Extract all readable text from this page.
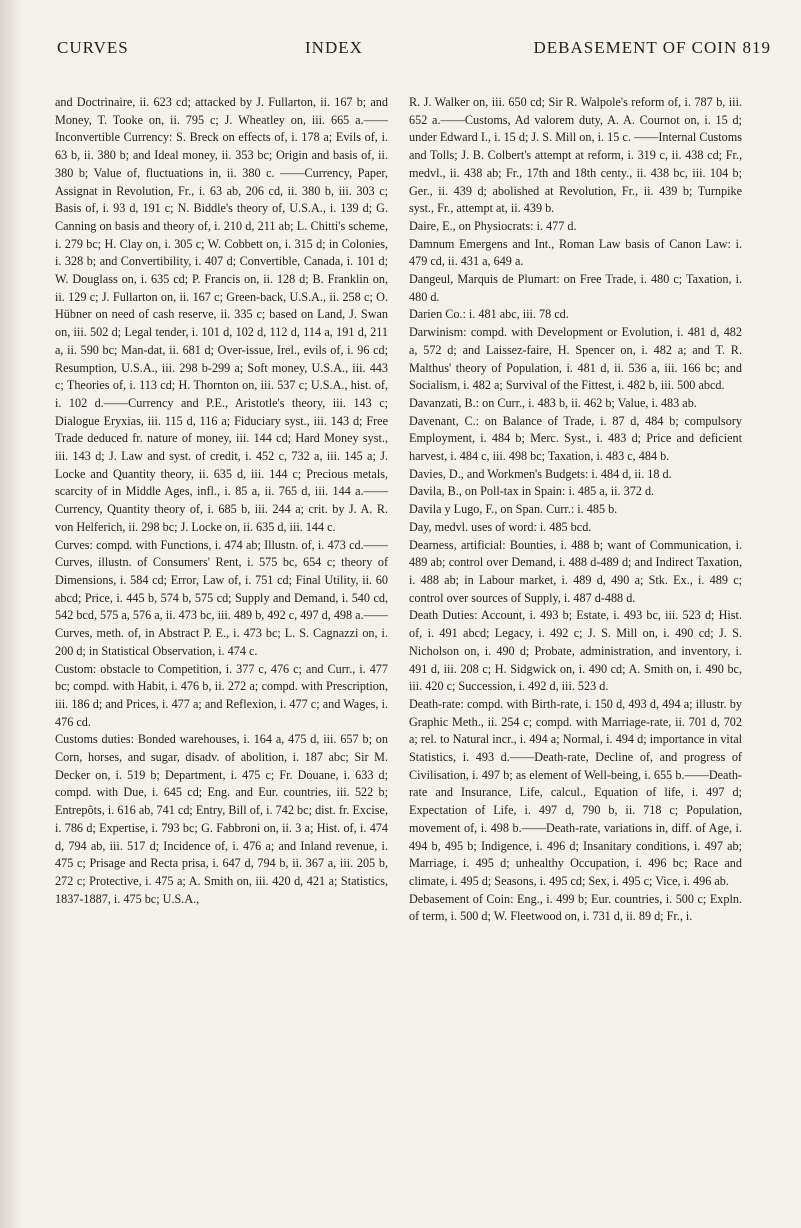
CURVES	INDEX	DEBASEMENT OF COIN 819

and Doctrinaire, ii. 623 cd; attacked by J. Fullarton, ii. 167 b; and Money, T. Tooke on, ii. 795 c; J. Wheatley on, iii. 665 a.——Inconvertible Currency: S. Breck on effects of, i. 178 a; Evils of, i. 63 b, ii. 380 b; and Ideal money, ii. 353 bc; Origin and basis of, ii. 380 b; Value of, fluctuations in, ii. 380 c. ——Currency, Paper, Assignat in Revolution, Fr., i. 63 ab, 206 cd, ii. 380 b, iii. 303 c; Basis of, i. 93 d, 191 c; N. Biddle's theory of, U.S.A., i. 139 d; G. Canning on basis and theory of, i. 210 d, 211 ab; L. Chitti's scheme, i. 279 bc; H. Clay on, i. 305 c; W. Cobbett on, i. 315 d; in Colonies, i. 328 b; and Convertibility, i. 407 d; Convertible, Canada, i. 101 d; W. Douglass on, i. 635 cd; P. Francis on, ii. 128 d; B. Franklin on, ii. 129 c; J. Fullarton on, ii. 167 c; Green-back, U.S.A., ii. 258 c; O. Hübner on need of cash reserve, ii. 335 c; based on Land, J. Swan on, iii. 502 d; Legal tender, i. 101 d, 102 d, 112 d, 114 a, 191 d, 211 a, ii. 590 bc; Man-dat, ii. 681 d; Over-issue, Irel., evils of, i. 96 cd; Resumption, U.S.A., iii. 298 b-299 a; Soft money, U.S.A., iii. 443 c; Theories of, i. 113 cd; H. Thornton on, iii. 537 c; U.S.A., hist. of, i. 102 d.——Currency and P.E., Aristotle's theory, iii. 143 c; Dialogue Eryxias, iii. 115 d, 116 a; Fiduciary syst., iii. 143 d; Free Trade deduced fr. nature of money, iii. 144 cd; Hard Money syst., iii. 143 d; J. Law and syst. of credit, i. 452 c, 732 a, iii. 145 a; J. Locke and Quantity theory, ii. 635 d, iii. 144 c; Precious metals, scarcity of in Middle Ages, infl., i. 85 a, ii. 765 d, iii. 144 a.——Currency, Quantity theory of, i. 685 b, iii. 244 a; crit. by J. A. R. von Helferich, ii. 298 bc; J. Locke on, ii. 635 d, iii. 144 c.

Curves: compd. with Functions, i. 474 ab; Illustn. of, i. 473 cd.——Curves, illustn. of Consumers' Rent, i. 575 bc, 654 c; theory of Dimensions, i. 584 cd; Error, Law of, i. 751 cd; Final Utility, ii. 60 abcd; Price, i. 445 b, 574 b, 575 cd; Supply and Demand, i. 540 cd, 542 bcd, 575 a, 576 a, ii. 473 bc, iii. 489 b, 492 c, 497 d, 498 a.——Curves, meth. of, in Abstract P. E., i. 473 bc; L. S. Cagnazzi on, i. 200 d; in Statistical Observation, i. 474 c.

Custom: obstacle to Competition, i. 377 c, 476 c; and Curr., i. 477 bc; compd. with Habit, i. 476 b, ii. 272 a; compd. with Prescription, iii. 186 d; and Prices, i. 477 a; and Reflexion, i. 477 c; and Wages, i. 476 cd.

Customs duties: Bonded warehouses, i. 164 a, 475 d, iii. 657 b; on Corn, horses, and sugar, disadv. of abolition, i. 187 abc; Sir M. Decker on, i. 519 b; Department, i. 475 c; Fr. Douane, i. 633 d; compd. with Due, i. 645 cd; Eng. and Eur. countries, iii. 522 b; Entrepôts, i. 616 ab, 741 cd; Entry, Bill of, i. 742 bc; dist. fr. Excise, i. 786 d; Expertise, i. 793 bc; G. Fabbroni on, ii. 3 a; Hist. of, i. 474 d, 794 ab, iii. 517 d; Incidence of, i. 476 a; and Inland revenue, i. 475 c; Prisage and Recta prisa, i. 647 d, 794 b, ii. 367 a, iii. 205 b, 272 c; Protective, i. 475 a; A. Smith on, iii. 420 d, 421 a; Statistics, 1837-1887, i. 475 bc; U.S.A.,

R. J. Walker on, iii. 650 cd; Sir R. Walpole's reform of, i. 787 b, iii. 652 a.——Customs, Ad valorem duty, A. A. Cournot on, i. 15 d; under Edward I., i. 15 d; J. S. Mill on, i. 15 c. ——Internal Customs and Tolls; J. B. Colbert's attempt at reform, i. 319 c, ii. 438 cd; Fr., medvl., ii. 438 ab; Fr., 17th and 18th centy., ii. 438 bc, iii. 104 b; Ger., ii. 439 d; abolished at Revolution, Fr., ii. 439 b; Turnpike syst., Fr., attempt at, ii. 439 b.

Daire, E., on Physiocrats: i. 477 d.

Damnum Emergens and Int., Roman Law basis of Canon Law: i. 479 cd, ii. 431 a, 649 a.

Dangeul, Marquis de Plumart: on Free Trade, i. 480 c; Taxation, i. 480 d.

Darien Co.: i. 481 abc, iii. 78 cd.

Darwinism: compd. with Development or Evolution, i. 481 d, 482 a, 572 d; and Laissez-faire, H. Spencer on, i. 482 a; and T. R. Malthus' theory of Population, i. 481 d, ii. 536 a, iii. 166 bc; and Socialism, i. 482 a; Survival of the Fittest, i. 482 b, iii. 500 abcd.

Davanzati, B.: on Curr., i. 483 b, ii. 462 b; Value, i. 483 ab.

Davenant, C.: on Balance of Trade, i. 87 d, 484 b; compulsory Employment, i. 484 b; Merc. Syst., i. 483 d; Price and deficient harvest, i. 484 c, iii. 498 bc; Taxation, i. 483 c, 484 b.

Davies, D., and Workmen's Budgets: i. 484 d, ii. 18 d.

Davila, B., on Poll-tax in Spain: i. 485 a, ii. 372 d.

Davila y Lugo, F., on Span. Curr.: i. 485 b.

Day, medvl. uses of word: i. 485 bcd.

Dearness, artificial: Bounties, i. 488 b; want of Communication, i. 489 ab; control over Demand, i. 488 d-489 d; and Indirect Taxation, i. 488 ab; in Labour market, i. 489 d, 490 a; Stk. Ex., i. 489 c; control over sources of Supply, i. 487 d-488 d.

Death Duties: Account, i. 493 b; Estate, i. 493 bc, iii. 523 d; Hist. of, i. 491 abcd; Legacy, i. 492 c; J. S. Mill on, i. 490 cd; J. S. Nicholson on, i. 490 d; Probate, administration, and inventory, i. 491 d, iii. 208 c; H. Sidgwick on, i. 490 cd; A. Smith on, i. 490 bc, iii. 420 c; Succession, i. 492 d, iii. 523 d.

Death-rate: compd. with Birth-rate, i. 150 d, 493 d, 494 a; illustr. by Graphic Meth., ii. 254 c; compd. with Marriage-rate, ii. 701 d, 702 a; rel. to Natural incr., i. 494 a; Normal, i. 494 d; importance in vital Statistics, i. 493 d.——Death-rate, Decline of, and progress of Civilisation, i. 497 b; as element of Well-being, i. 655 b.——Death-rate and Insurance, Life, calcul., Equation of life, i. 497 d; Expectation of Life, i. 497 d, 790 b, ii. 718 c; Population, movement of, i. 498 b.——Death-rate, variations in, diff. of Age, i. 494 b, 495 b; Indigence, i. 496 d; Insanitary conditions, i. 497 ab; Marriage, i. 495 d; unhealthy Occupation, i. 496 bc; Race and climate, i. 495 d; Seasons, i. 495 cd; Sex, i. 495 c; Vice, i. 496 ab.

Debasement of Coin: Eng., i. 499 b; Eur. countries, i. 500 c; Expln. of term, i. 500 d; W. Fleetwood on, i. 731 d, ii. 89 d; Fr., i.
